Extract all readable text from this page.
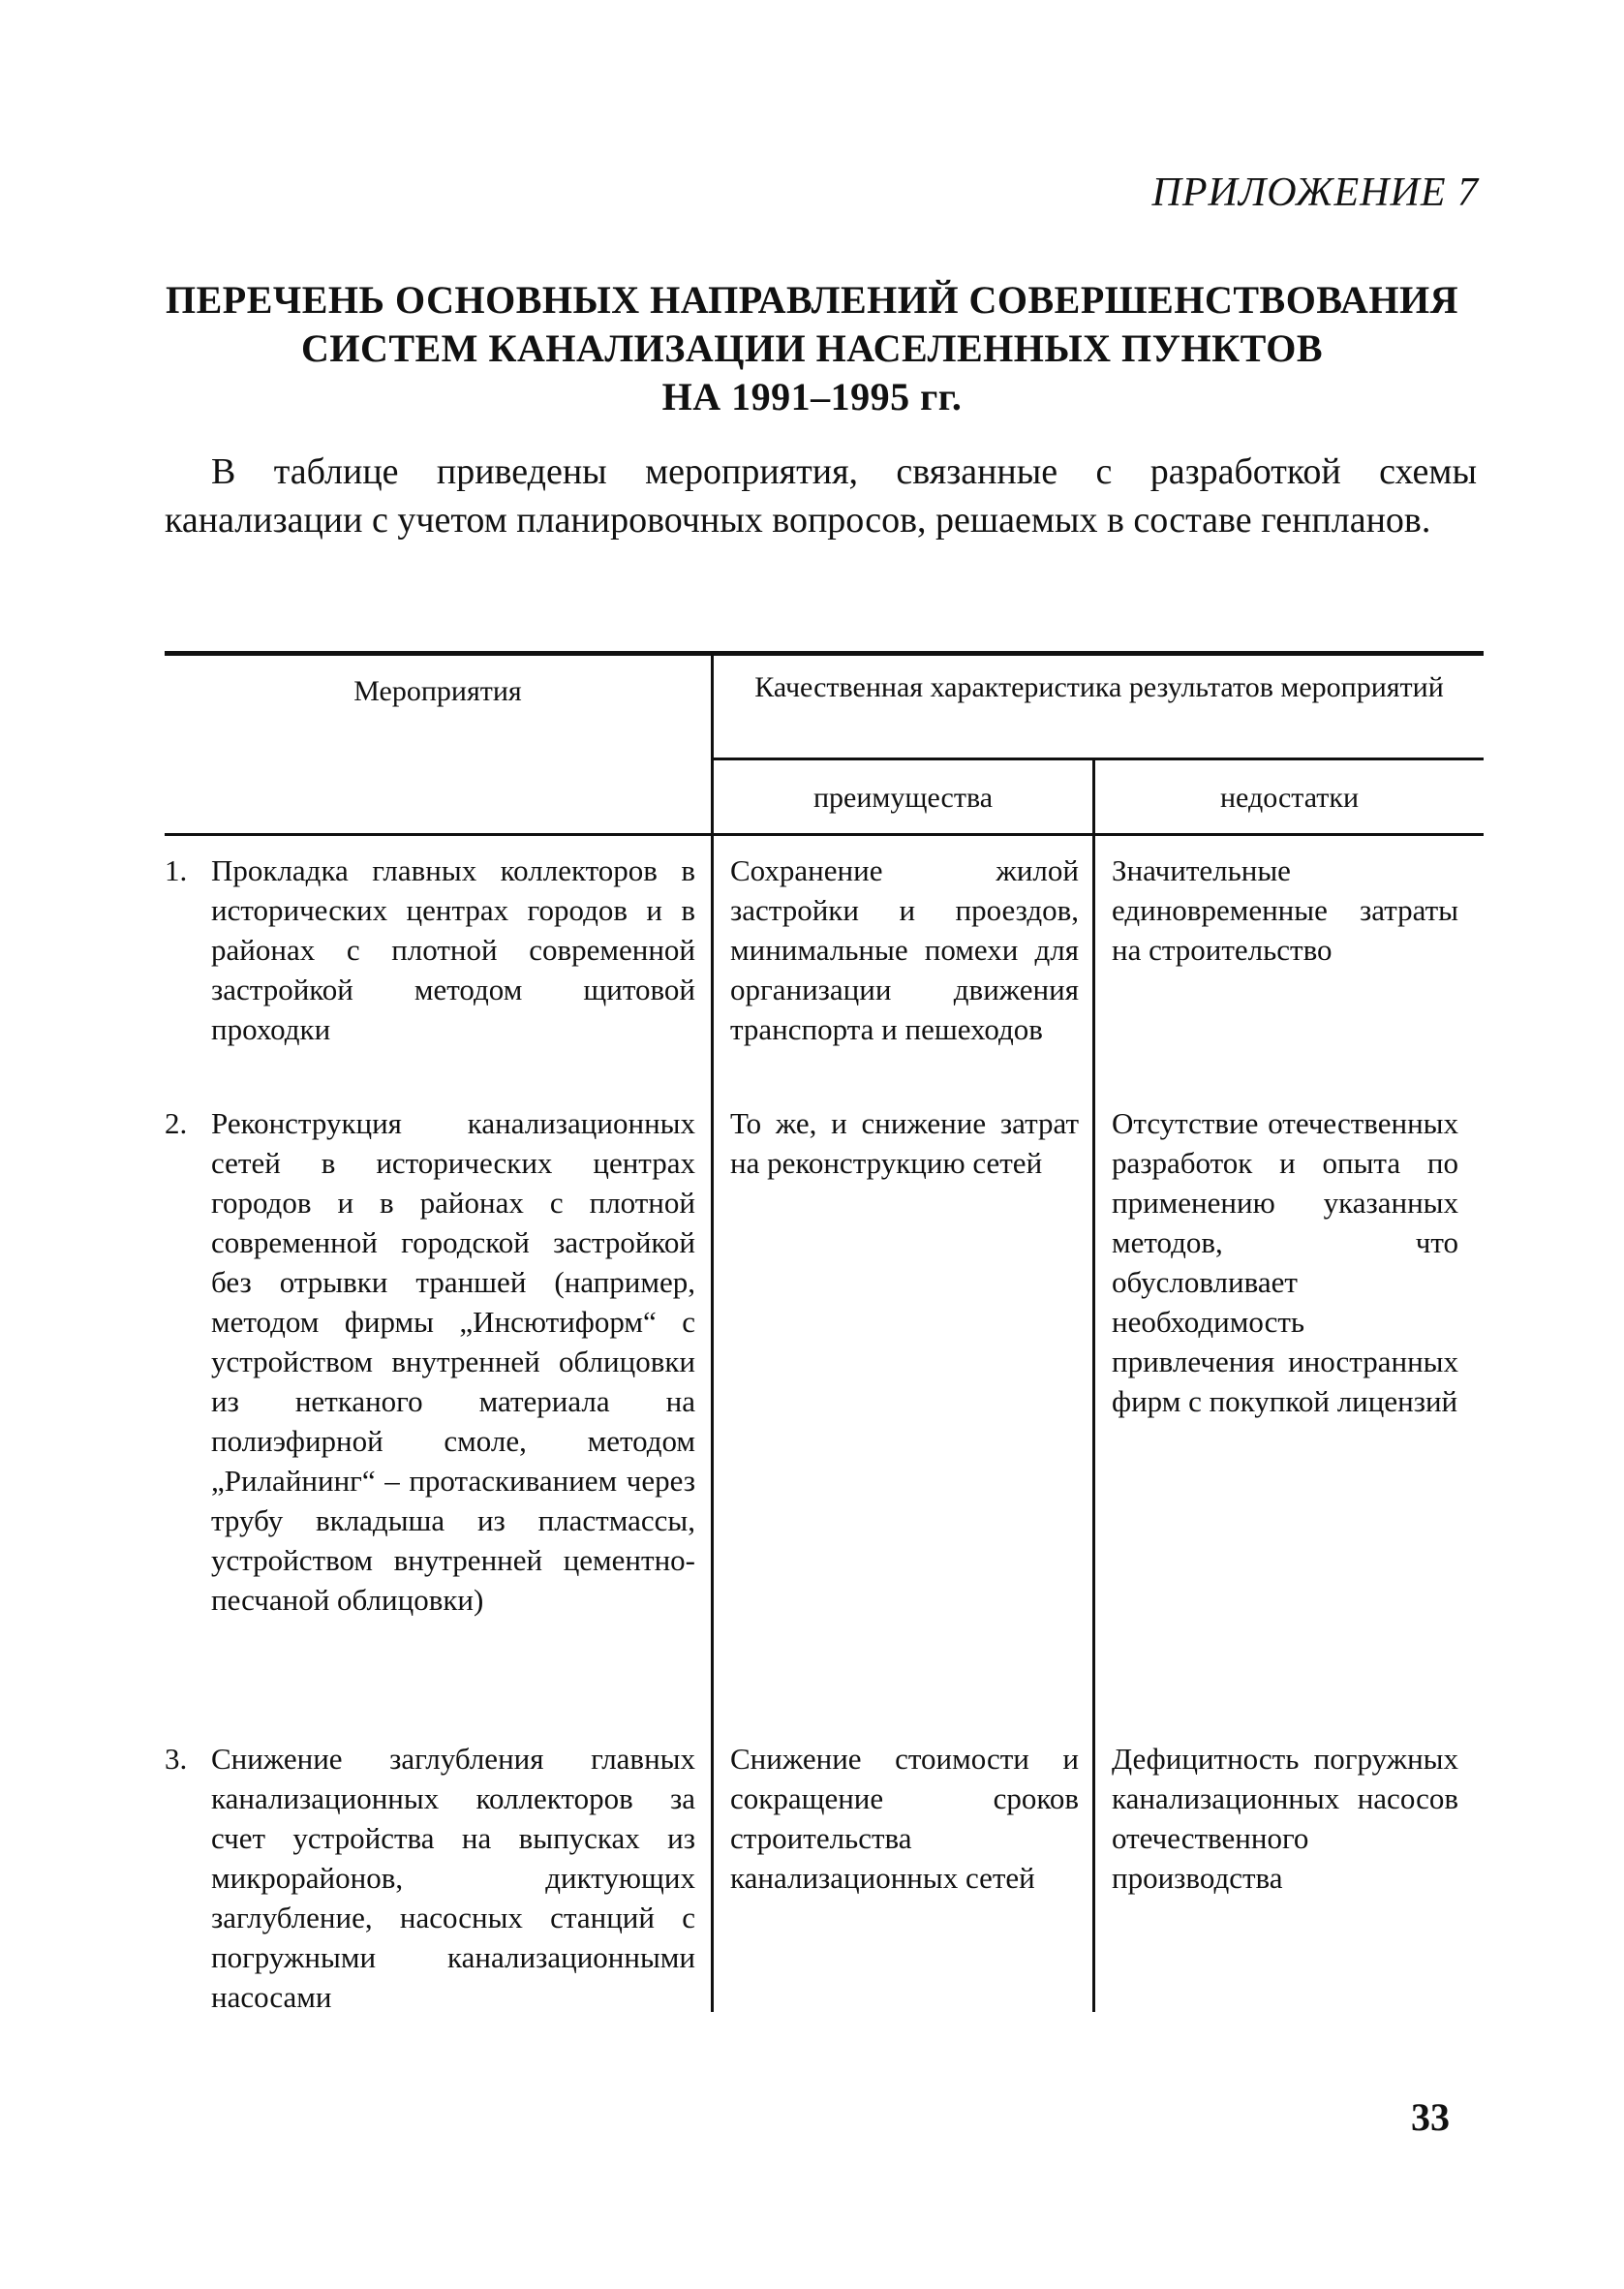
ПРИЛОЖЕНИЕ 7
ПЕРЕЧЕНЬ ОСНОВНЫХ НАПРАВЛЕНИЙ СОВЕРШЕНСТВОВАНИЯ
СИСТЕМ КАНАЛИЗАЦИИ НАСЕЛЕННЫХ ПУНКТОВ
НА 1991–1995 гг.
В таблице приведены мероприятия, связанные с разработкой схемы канализации с учетом планировочных вопросов, решаемых в составе генпланов.
Мероприятия	Качественная характеристика результатов мероприятий
преимущества	недостатки
1. Прокладка главных коллекторов в исторических центрах городов и в районах с плотной современной застройкой методом щитовой проходки
Сохранение жилой застройки и проездов, минимальные помехи для организации движения транспорта и пешеходов
Значительные единовременные затраты на строительство
2. Реконструкция канализационных сетей в исторических центрах городов и в районах с плотной современной городской застройкой без отрывки траншей (например, методом фирмы „Инсютиформ“ с устройством внутренней облицовки из нетканого материала на полиэфирной смоле, методом „Рилайнинг“ – протаскиванием через трубу вкладыша из пластмассы, устройством внутренней цементно-песчаной облицовки)
То же, и снижение затрат на реконструкцию сетей
Отсутствие отечественных разработок и опыта по применению указанных методов, что обусловливает необходимость привлечения иностранных фирм с покупкой лицензий
3. Снижение заглубления главных канализационных коллекторов за счет устройства на выпусках из микрорайонов, диктующих заглубление, насосных станций с погружными канализационными насосами
Снижение стоимости и сокращение сроков строительства канализационных сетей
Дефицитность погружных канализационных насосов отечественного производства
33
